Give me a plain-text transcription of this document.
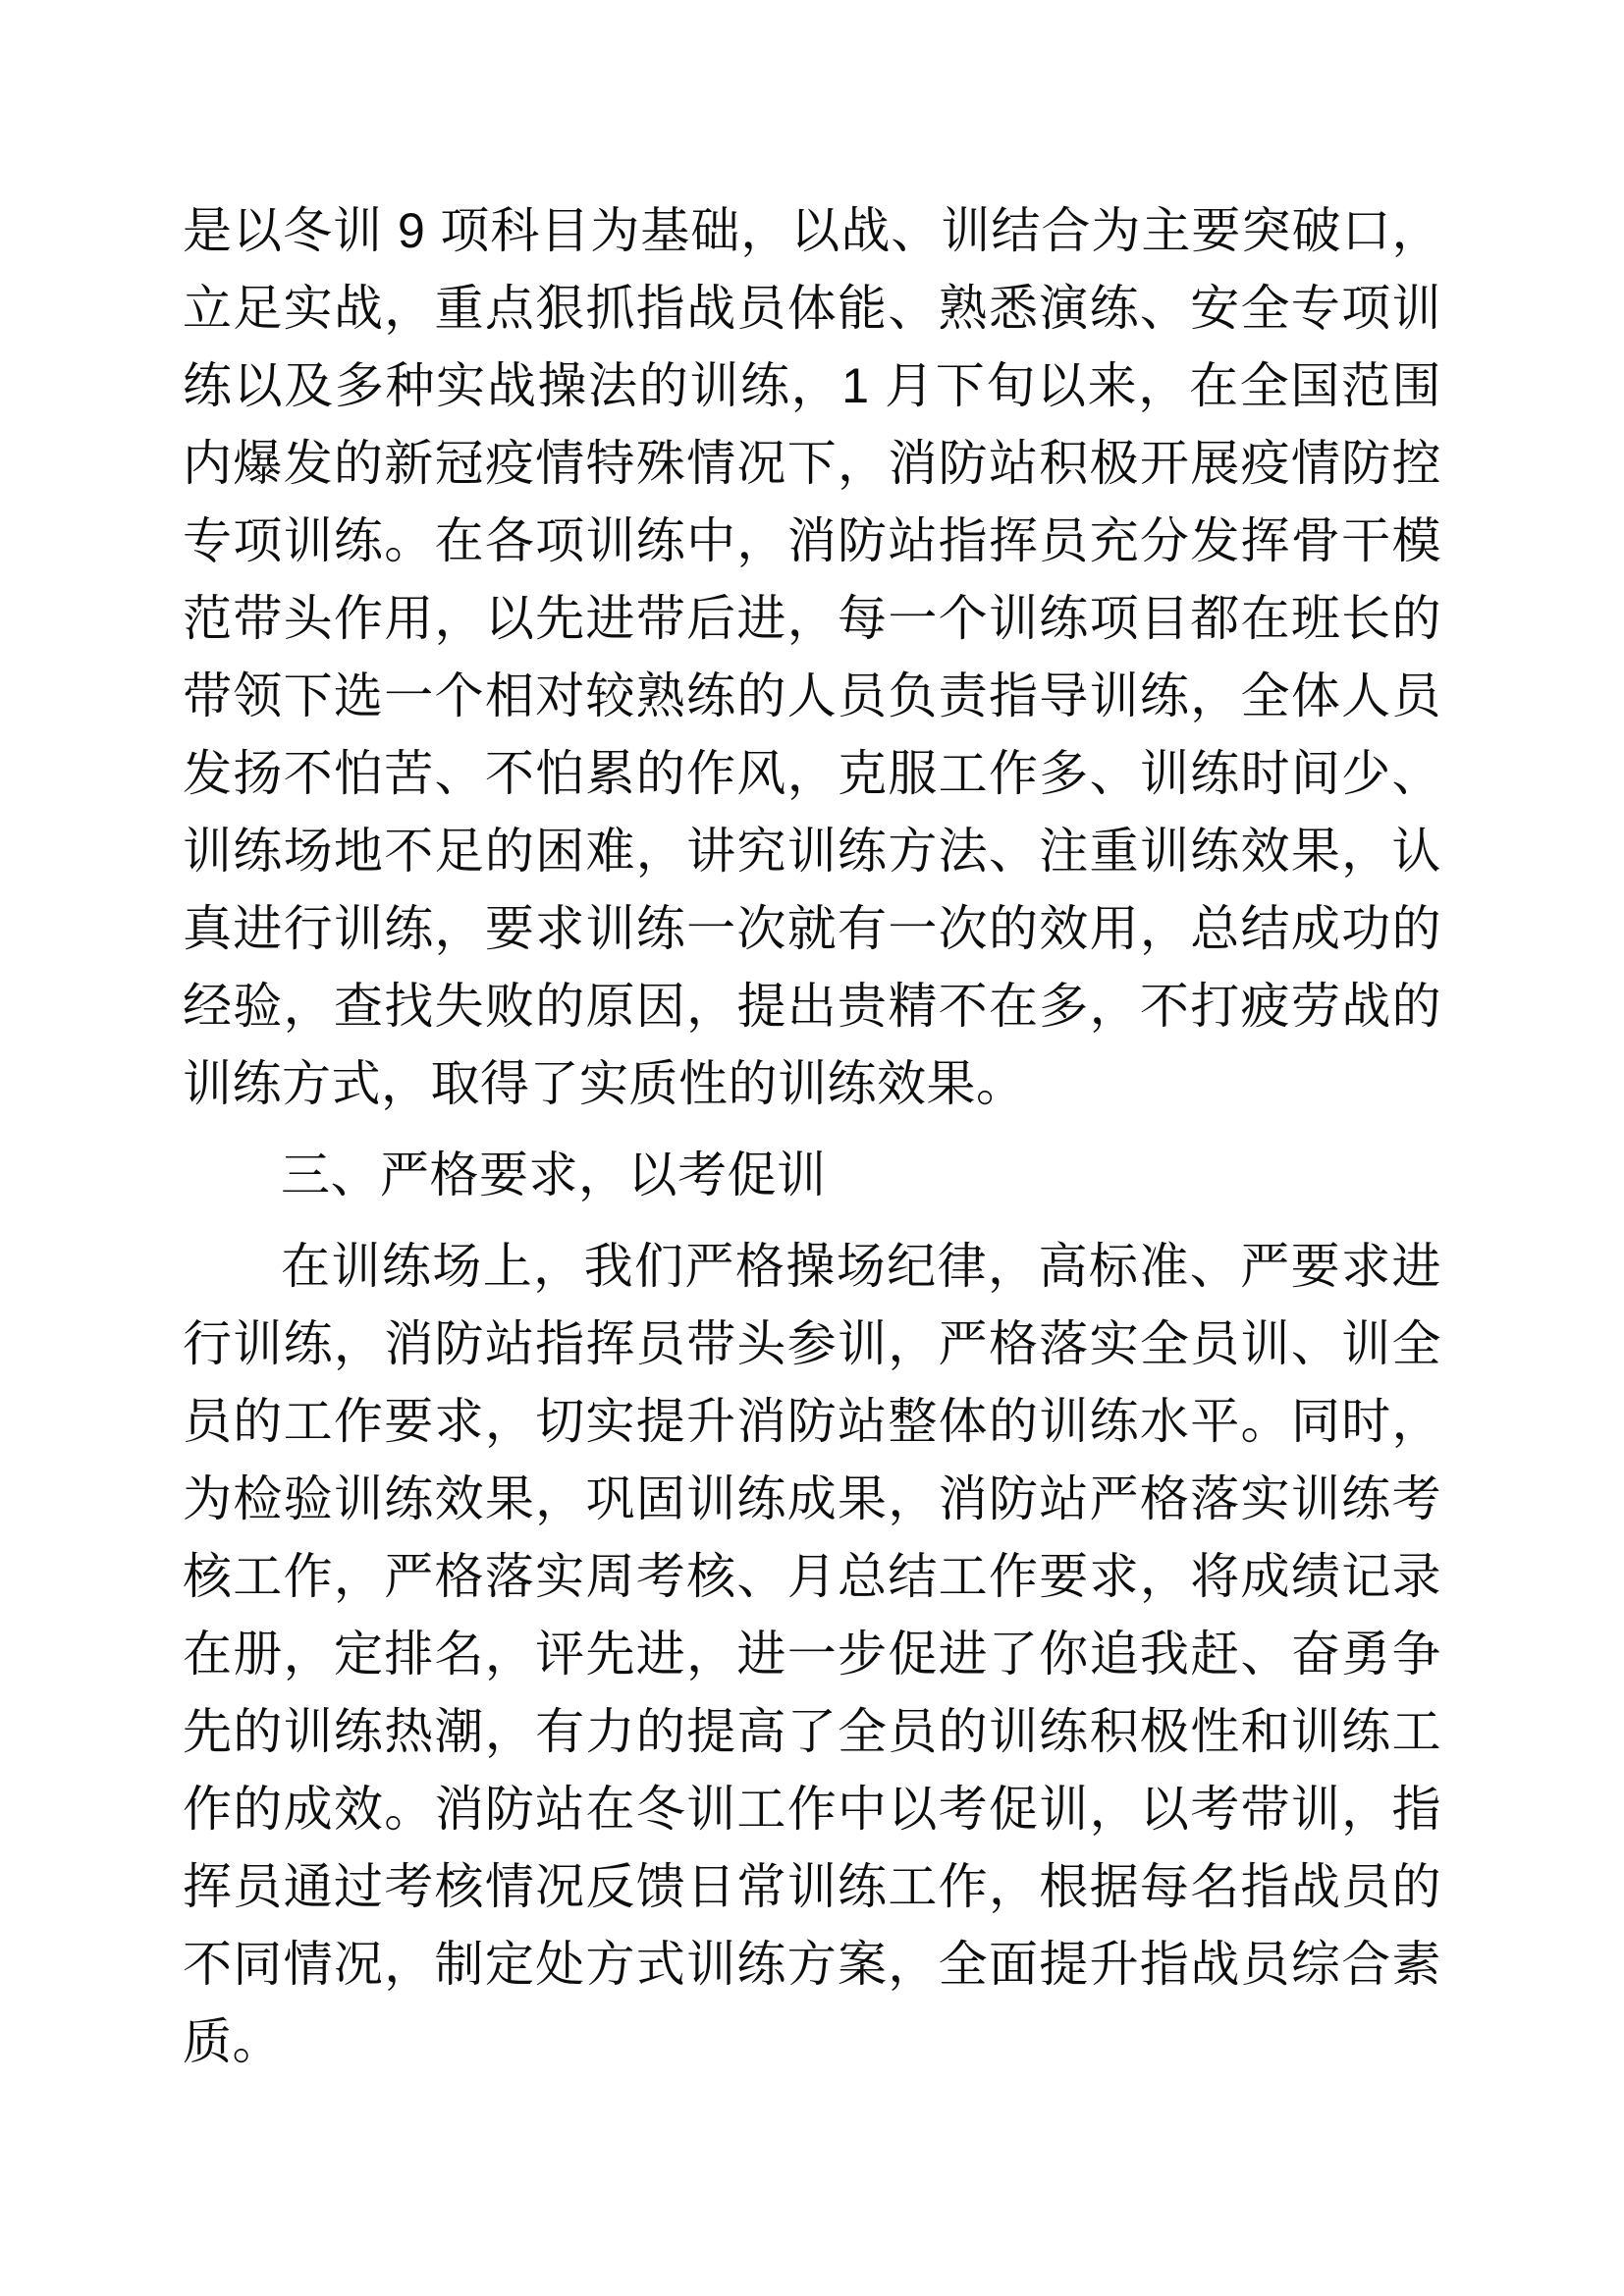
是以冬训 9 项科目为基础，以战、训结合为主要突破口，立足实战，重点狠抓指战员体能、熟悉演练、安全专项训练以及多种实战操法的训练，1 月下旬以来，在全国范围内爆发的新冠疫情特殊情况下，消防站积极开展疫情防控专项训练。在各项训练中，消防站指挥员充分发挥骨干模范带头作用，以先进带后进，每一个训练项目都在班长的带领下选一个相对较熟练的人员负责指导训练，全体人员发扬不怕苦、不怕累的作风，克服工作多、训练时间少、训练场地不足的困难，讲究训练方法、注重训练效果，认真进行训练，要求训练一次就有一次的效用，总结成功的经验，查找失败的原因，提出贵精不在多，不打疲劳战的训练方式，取得了实质性的训练效果。

三、严格要求，以考促训

在训练场上，我们严格操场纪律，高标准、严要求进行训练，消防站指挥员带头参训，严格落实全员训、训全员的工作要求，切实提升消防站整体的训练水平。同时，为检验训练效果，巩固训练成果，消防站严格落实训练考核工作，严格落实周考核、月总结工作要求，将成绩记录在册，定排名，评先进，进一步促进了你追我赶、奋勇争先的训练热潮，有力的提高了全员的训练积极性和训练工作的成效。消防站在冬训工作中以考促训，以考带训，指挥员通过考核情况反馈日常训练工作，根据每名指战员的不同情况，制定处方式训练方案，全面提升指战员综合素质。
